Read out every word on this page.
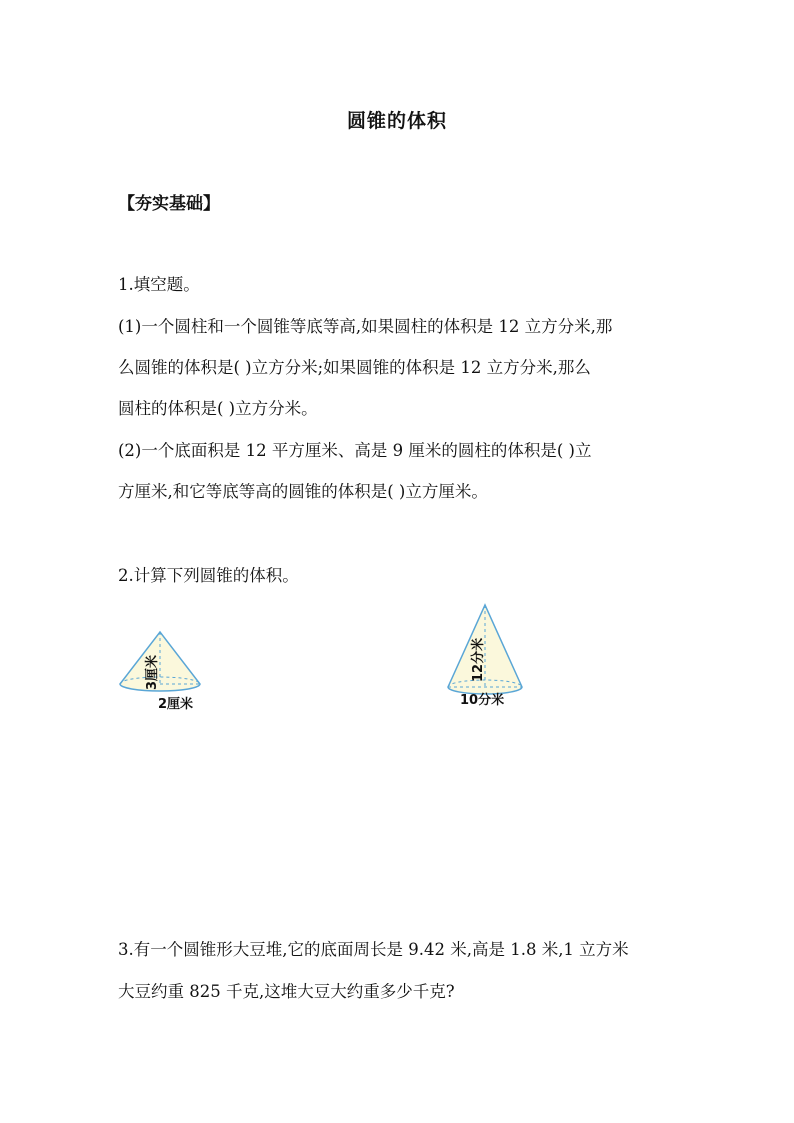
圆锥的体积
【夯实基础】
1.填空题。
(1)一个圆柱和一个圆锥等底等高,如果圆柱的体积是 12 立方分米,那
么圆锥的体积是( )立方分米;如果圆锥的体积是 12 立方分米,那么
圆柱的体积是( )立方分米。
(2)一个底面积是 12 平方厘米、高是 9 厘米的圆柱的体积是( )立
方厘米,和它等底等高的圆锥的体积是( )立方厘米。
2.计算下列圆锥的体积。
3厘米
2厘米
12分米
10分米
3.有一个圆锥形大豆堆,它的底面周长是 9.42 米,高是 1.8 米,1 立方米
大豆约重 825 千克,这堆大豆大约重多少千克?
